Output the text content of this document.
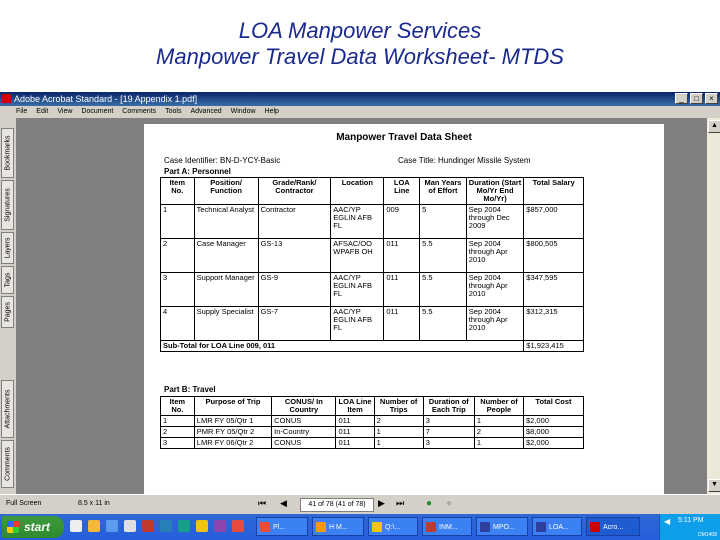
LOA Manpower Services
Manpower Travel Data Worksheet- MTDS
Adobe Acrobat Standard - [19 Appendix 1.pdf]	_	□	×
File Edit View Document Comments Tools Advanced Window Help
Bookmarks
Signatures
Layers
Tags
Pages
Attachments
Comments
Manpower Travel Data Sheet
Case Identifier: BN-D-YCY-Basic	Case Title: Hundinger Missile System
Part A: Personnel
Item No.	Position/ Function	Grade/Rank/ Contractor	Location	LOA Line	Man Years of Effort	Duration (Start Mo/Yr End Mo/Yr)	Total Salary
1	Technical Analyst	Contractor	AAC/YP EGLIN AFB FL	009	5	Sep 2004 through Dec 2009	$857,000
2	Case Manager	GS-13	AFSAC/OO WPAFB OH	011	5.5	Sep 2004 through Apr 2010	$800,505
3	Support Manager	GS-9	AAC/YP EGLIN AFB FL	011	5.5	Sep 2004 through Apr 2010	$347,595
4	Supply Specialist	GS-7	AAC/YP EGLIN AFB FL	011	5.5	Sep 2004 through Apr 2010	$312,315
Sub-Total for LOA Line 009, 011							$1,923,415
Part B: Travel
Item No.	Purpose of Trip	CONUS/ In Country	LOA Line Item	Number of Trips	Duration of Each Trip	Number of People	Total Cost
1	LMR FY 05/Qtr 1	CONUS	011	2	3	1	$2,000
2	PMR FY 05/Qtr 2	In-Country	011	1	7	2	$8,000
3	LMR FY 06/Qtr 2	CONUS	011	1	3	1	$2,000
▲
▼
Full Screen	8.5 x 11 in	⏮ ◀	41 of 78 (41 of 78)	▶ ⏭ ● ●
start	Pl...	H M...	Q:\...	INM...	MPO...	LOA...	Acro...
◀ 5:11 PM
DM1408
